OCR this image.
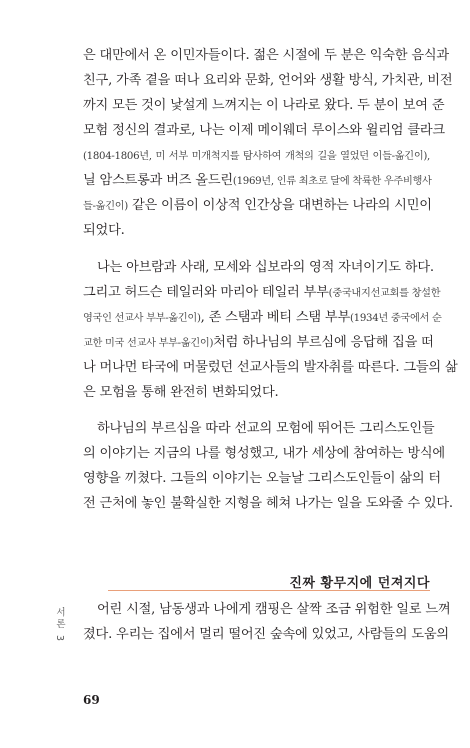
은 대만에서 온 이민자들이다. 젊은 시절에 두 분은 익숙한 음식과
친구, 가족 곁을 떠나 요리와 문화, 언어와 생활 방식, 가치관, 비전
까지 모든 것이 낯설게 느껴지는 이 나라로 왔다. 두 분이 보여 준
모험 정신의 결과로, 나는 이제 메이웨더 루이스와 윌리엄 클라크
(1804-1806년, 미 서부 미개척지를 탐사하여 개척의 길을 열었던 이들-옮긴이),
닐 암스트롱과 버즈 올드린(1969년, 인류 최초로 달에 착륙한 우주비행사
들-옮긴이) 같은 이름이 이상적 인간상을 대변하는 나라의 시민이
되었다.
나는 아브람과 사래, 모세와 십보라의 영적 자녀이기도 하다.
그리고 허드슨 테일러와 마리아 테일러 부부(중국내지선교회를 창설한
영국인 선교사 부부-옮긴이), 존 스탬과 베티 스탬 부부(1934년 중국에서 순
교한 미국 선교사 부부-옮긴이)처럼 하나님의 부르심에 응답해 집을 떠
나 머나먼 타국에 머물렀던 선교사들의 발자취를 따른다. 그들의 삶
은 모험을 통해 완전히 변화되었다.
하나님의 부르심을 따라 선교의 모험에 뛰어든 그리스도인들
의 이야기는 지금의 나를 형성했고, 내가 세상에 참여하는 방식에
영향을 끼쳤다. 그들의 이야기는 오늘날 그리스도인들이 삶의 터
전 근처에 놓인 불확실한 지형을 헤쳐 나가는 일을 도와줄 수 있다.
진짜 황무지에 던져지다
어린 시절, 남동생과 나에게 캠핑은 살짝 조금 위험한 일로 느껴
졌다. 우리는 집에서 멀리 떨어진 숲속에 있었고, 사람들의 도움의
서론 3
69
